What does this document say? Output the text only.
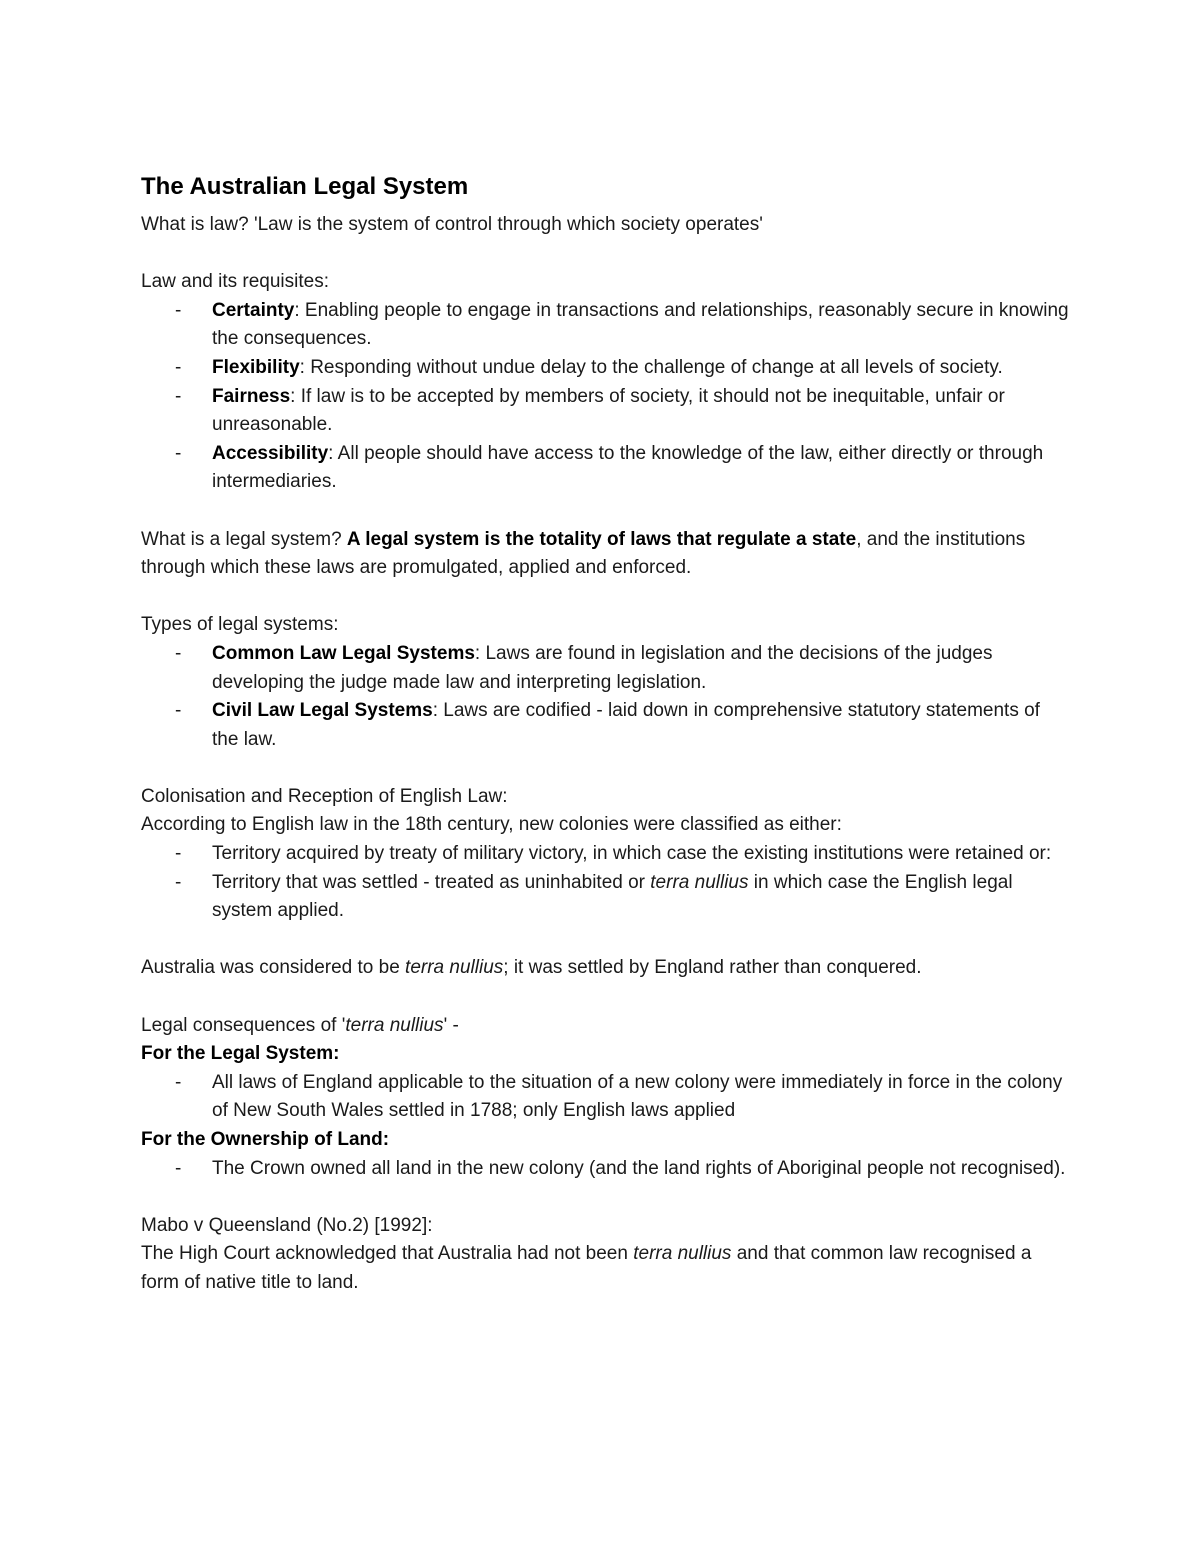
The Australian Legal System

What is law? 'Law is the system of control through which society operates'

Law and its requisites:

- Certainty: Enabling people to engage in transactions and relationships, reasonably secure in knowing the consequences.
- Flexibility: Responding without undue delay to the challenge of change at all levels of society.
- Fairness: If law is to be accepted by members of society, it should not be inequitable, unfair or unreasonable.
- Accessibility: All people should have access to the knowledge of the law, either directly or through intermediaries.

What is a legal system? A legal system is the totality of laws that regulate a state, and the institutions through which these laws are promulgated, applied and enforced.

Types of legal systems:

- Common Law Legal Systems: Laws are found in legislation and the decisions of the judges developing the judge made law and interpreting legislation.
- Civil Law Legal Systems: Laws are codified - laid down in comprehensive statutory statements of the law.

Colonisation and Reception of English Law:

According to English law in the 18th century, new colonies were classified as either:

- Territory acquired by treaty of military victory, in which case the existing institutions were retained or:
- Territory that was settled - treated as uninhabited or terra nullius in which case the English legal system applied.

Australia was considered to be terra nullius; it was settled by England rather than conquered.

Legal consequences of 'terra nullius' -

For the Legal System:

- All laws of England applicable to the situation of a new colony were immediately in force in the colony of New South Wales settled in 1788; only English laws applied

For the Ownership of Land:

- The Crown owned all land in the new colony (and the land rights of Aboriginal people not recognised).

Mabo v Queensland (No.2) [1992]:

The High Court acknowledged that Australia had not been terra nullius and that common law recognised a form of native title to land.
